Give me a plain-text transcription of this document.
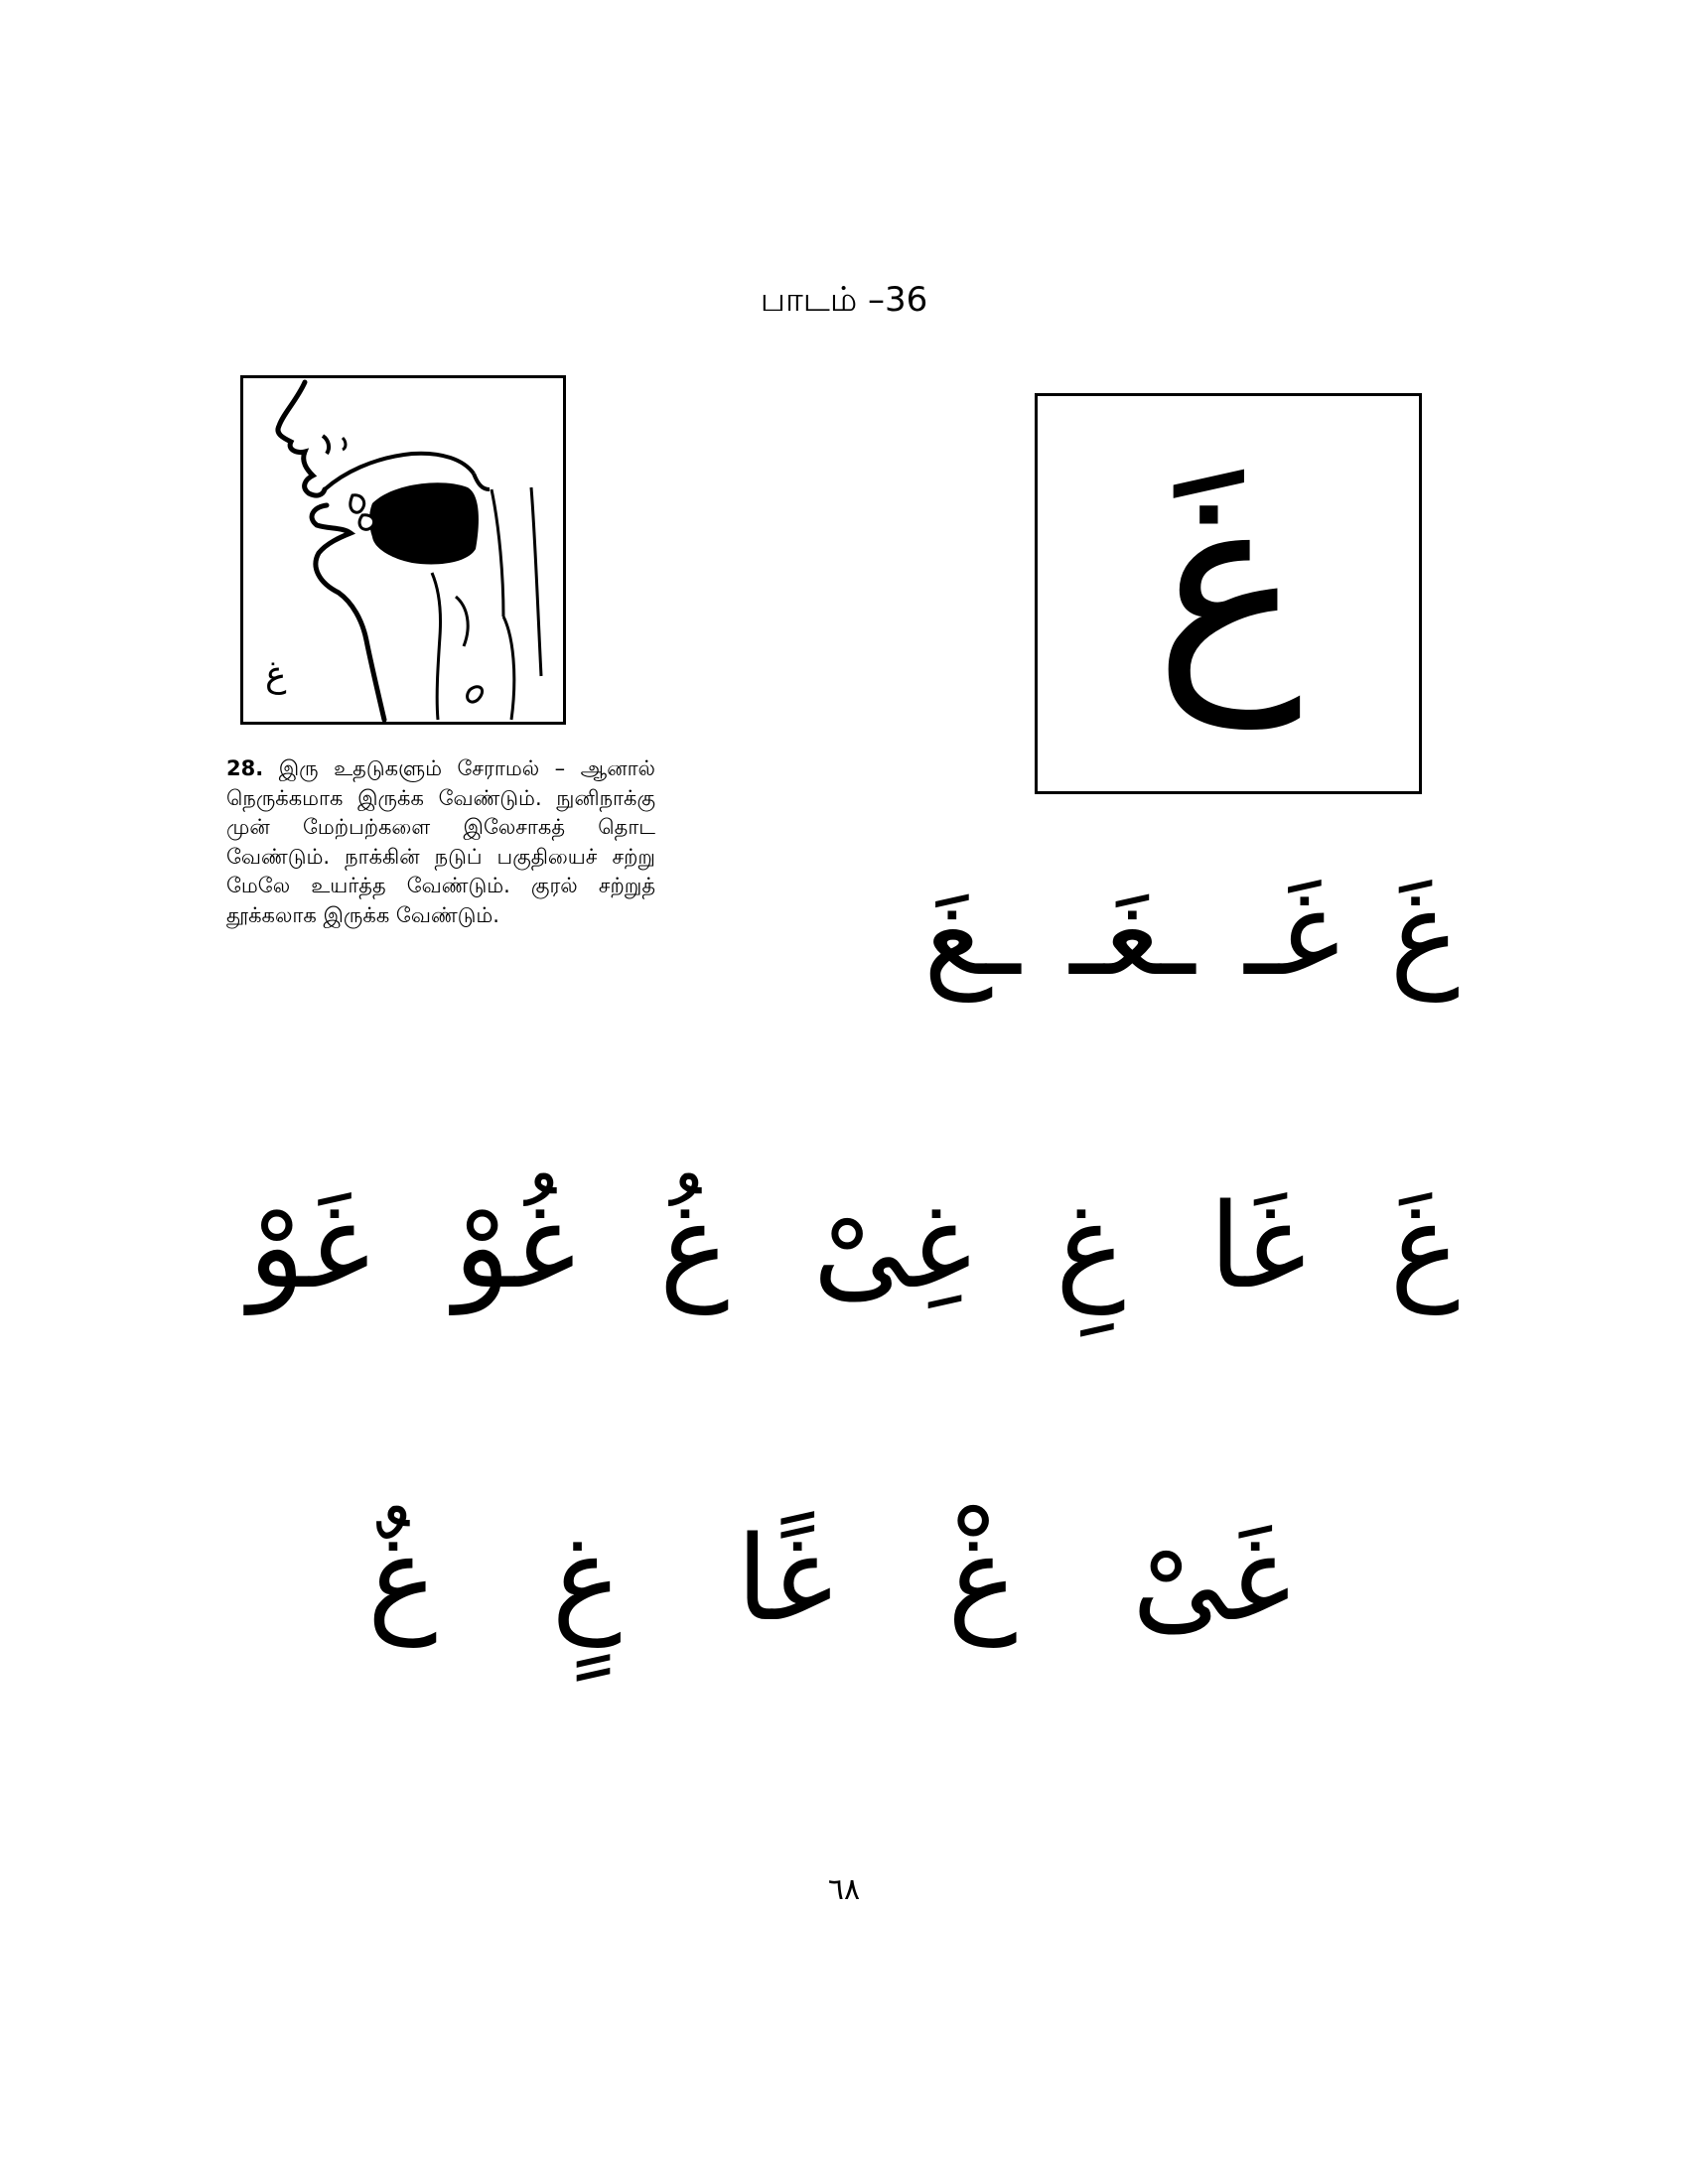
பாடம் –36
غ
28. இரு உதடுகளும் சேராமல் – ஆனால் நெருக்கமாக இருக்க வேண்டும். நுனிநாக்கு முன் மேற்பற்களை இலேசாகத் தொட வேண்டும். நாக்கின் நடுப் பகுதியைச் சற்று மேலே உயர்த்த வேண்டும். குரல் சற்றுத் தூக்கலாக இருக்க வேண்டும்.
غَ
غَ
غَـ
ـغَـ
ـغَ
غَ
غَا
غِ
غِیْ
غُ
غُوْ
غَوْ
غَیْ
غْ
غًا
غٍ
غٌ
٦٨
